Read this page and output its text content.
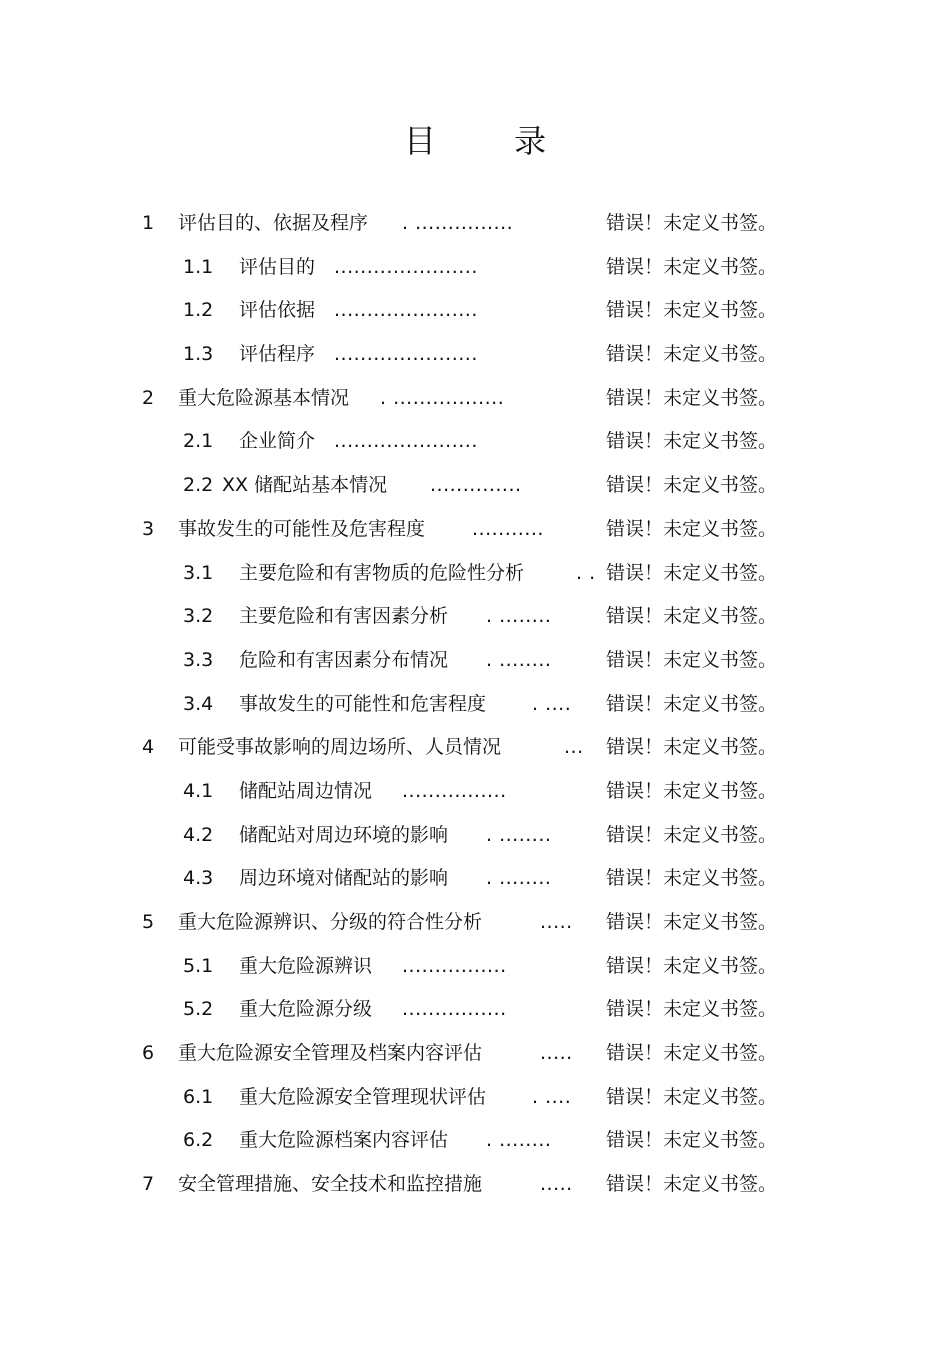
目 录
1 评估目的、依据及程序 . ...............	错误！未定义书签。
1.1 评估目的 ......................	错误！未定义书签。
1.2 评估依据 ......................	错误！未定义书签。
1.3 评估程序 ......................	错误！未定义书签。
2 重大危险源基本情况 . .................	错误！未定义书签。
2.1 企业简介 ......................	错误！未定义书签。
2.2 XX 储配站基本情况 ..............	错误！未定义书签。
3 事故发生的可能性及危害程度 ...........	错误！未定义书签。
3.1 主要危险和有害物质的危险性分析	. . 错误！未定义书签。
3.2 主要危险和有害因素分析 . ........	错误！未定义书签。
3.3 危险和有害因素分布情况 . ........	错误！未定义书签。
3.4 事故发生的可能性和危害程度 . .... 错误！未定义书签。
4 可能受事故影响的周边场所、人员情况	... 错误！未定义书签。
4.1 储配站周边情况 ................	错误！未定义书签。
4.2 储配站对周边环境的影响 . ........	错误！未定义书签。
4.3 周边环境对储配站的影响 . ........	错误！未定义书签。
5 重大危险源辨识、分级的符合性分析	..... 错误！未定义书签。
5.1 重大危险源辨识 ................	错误！未定义书签。
5.2 重大危险源分级 ................	错误！未定义书签。
6 重大危险源安全管理及档案内容评估	..... 错误！未定义书签。
6.1 重大危险源安全管理现状评估 . .... 错误！未定义书签。
6.2 重大危险源档案内容评估 . ........	错误！未定义书签。
7 安全管理措施、安全技术和监控措施	..... 错误！未定义书签。
